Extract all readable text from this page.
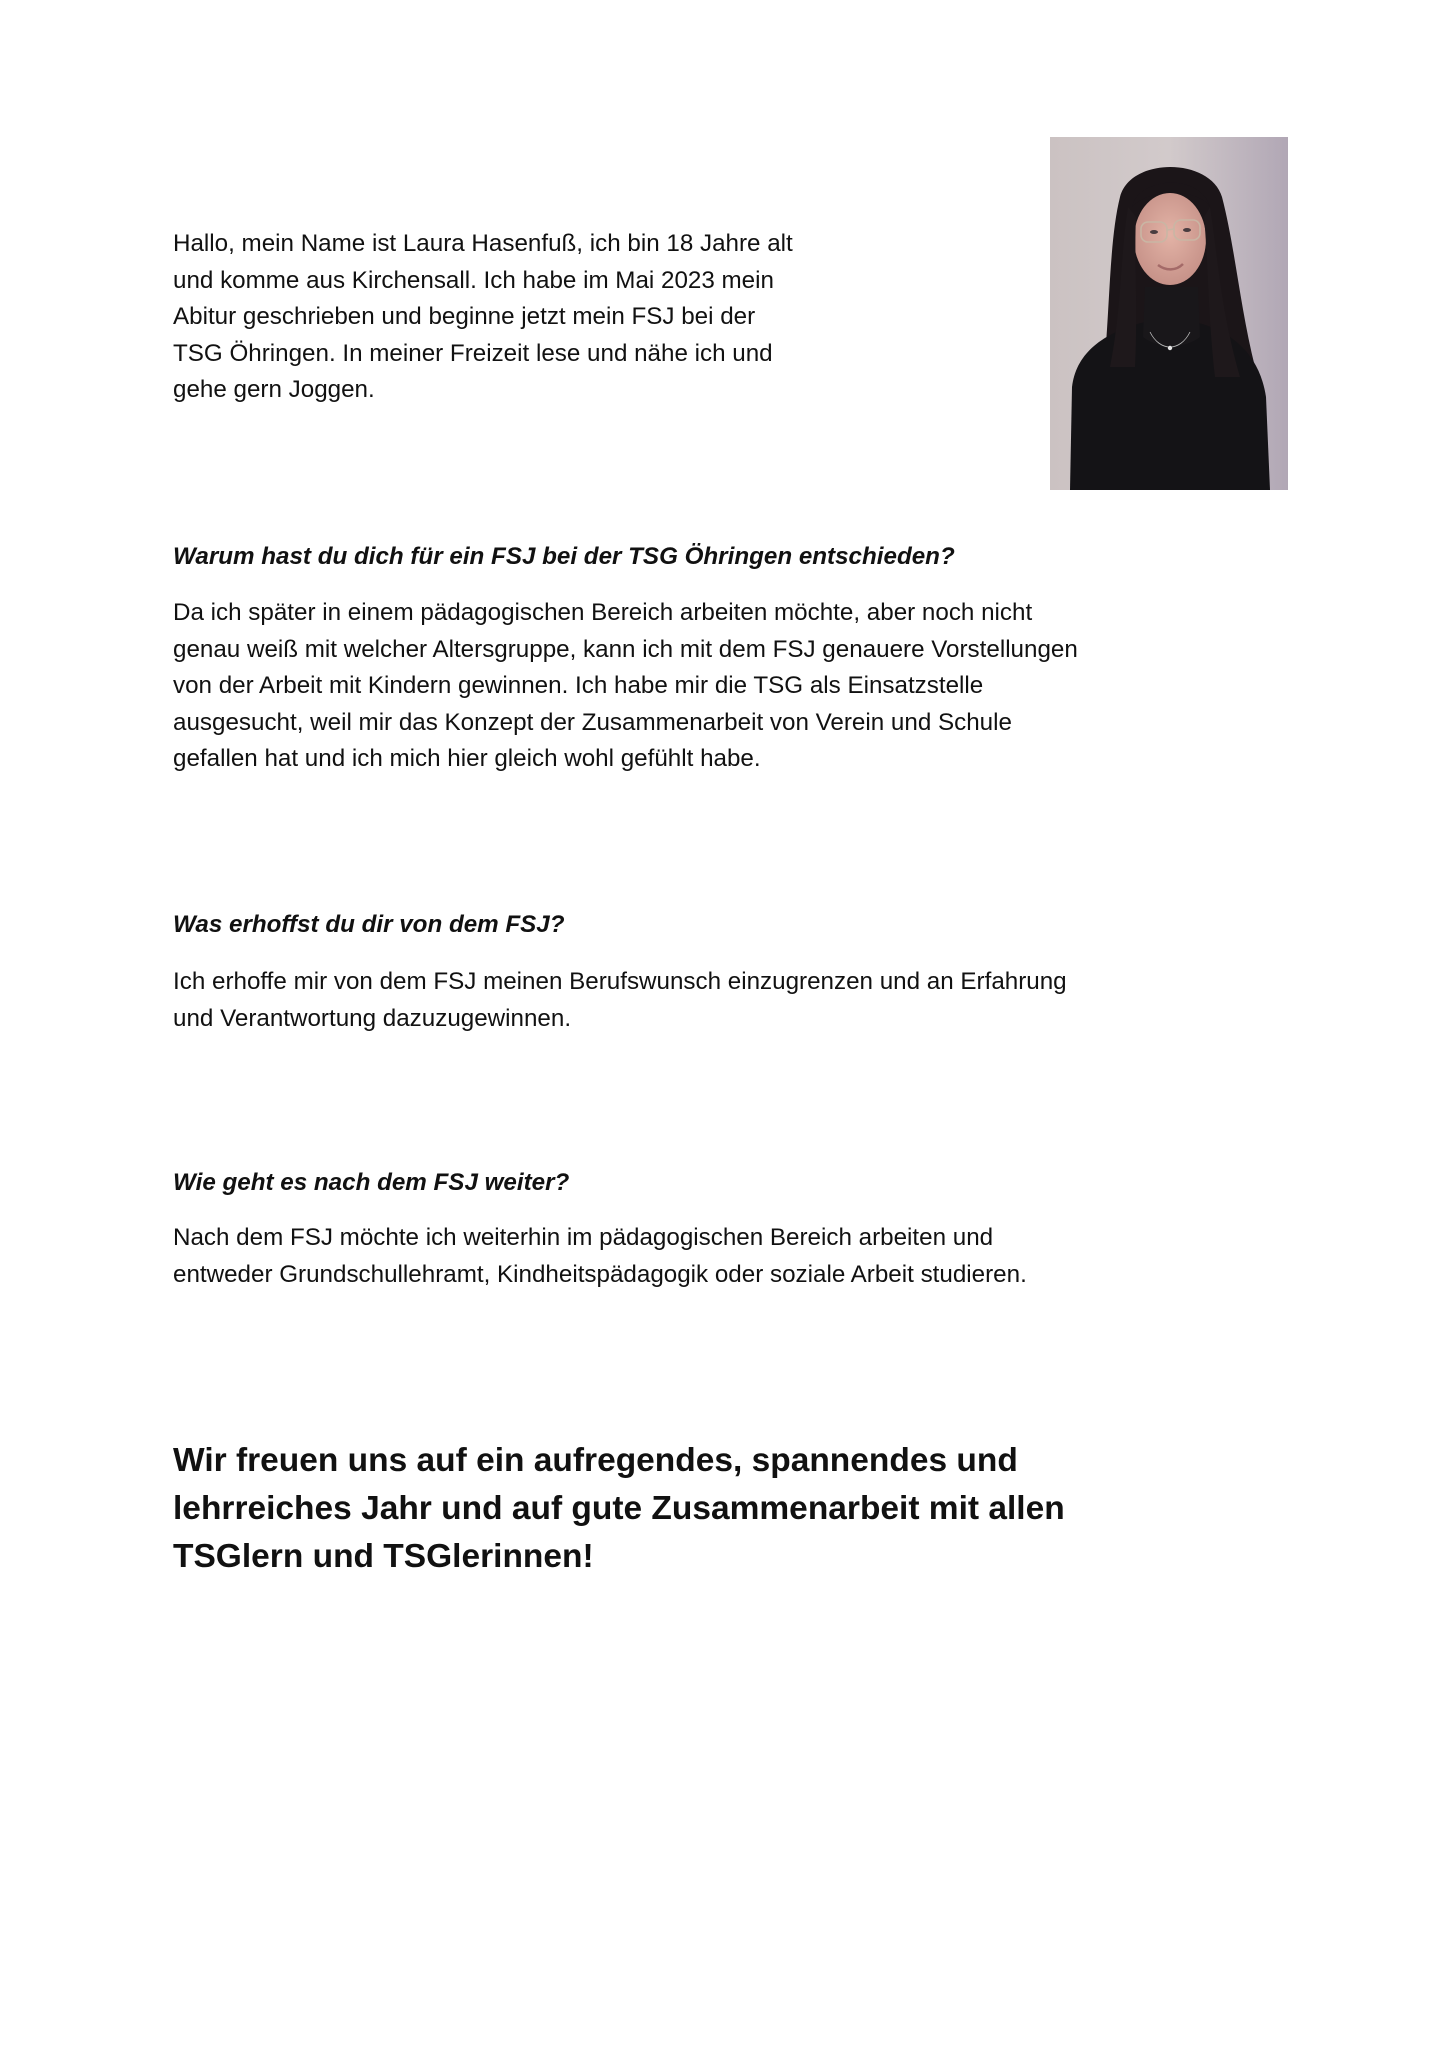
Hallo, mein Name ist Laura Hasenfuß, ich bin 18 Jahre alt
und komme aus Kirchensall. Ich habe im Mai 2023 mein
Abitur geschrieben und beginne jetzt mein FSJ bei der
TSG Öhringen. In meiner Freizeit lese und nähe ich und
gehe gern Joggen.
Warum hast du dich für ein FSJ bei der TSG Öhringen entschieden?
Da ich später in einem pädagogischen Bereich arbeiten möchte, aber noch nicht
genau weiß mit welcher Altersgruppe, kann ich mit dem FSJ genauere Vorstellungen
von der Arbeit mit Kindern gewinnen. Ich habe mir die TSG als Einsatzstelle
ausgesucht, weil mir das Konzept der Zusammenarbeit von Verein und Schule
gefallen hat und ich mich hier gleich wohl gefühlt habe.
Was erhoffst du dir von dem FSJ?
Ich erhoffe mir von dem FSJ meinen Berufswunsch einzugrenzen und an Erfahrung
und Verantwortung dazuzugewinnen.
Wie geht es nach dem FSJ weiter?
Nach dem FSJ möchte ich weiterhin im pädagogischen Bereich arbeiten und
entweder Grundschullehramt, Kindheitspädagogik oder soziale Arbeit studieren.
Wir freuen uns auf ein aufregendes, spannendes und
lehrreiches Jahr und auf gute Zusammenarbeit mit allen
TSGlern und TSGlerinnen!
